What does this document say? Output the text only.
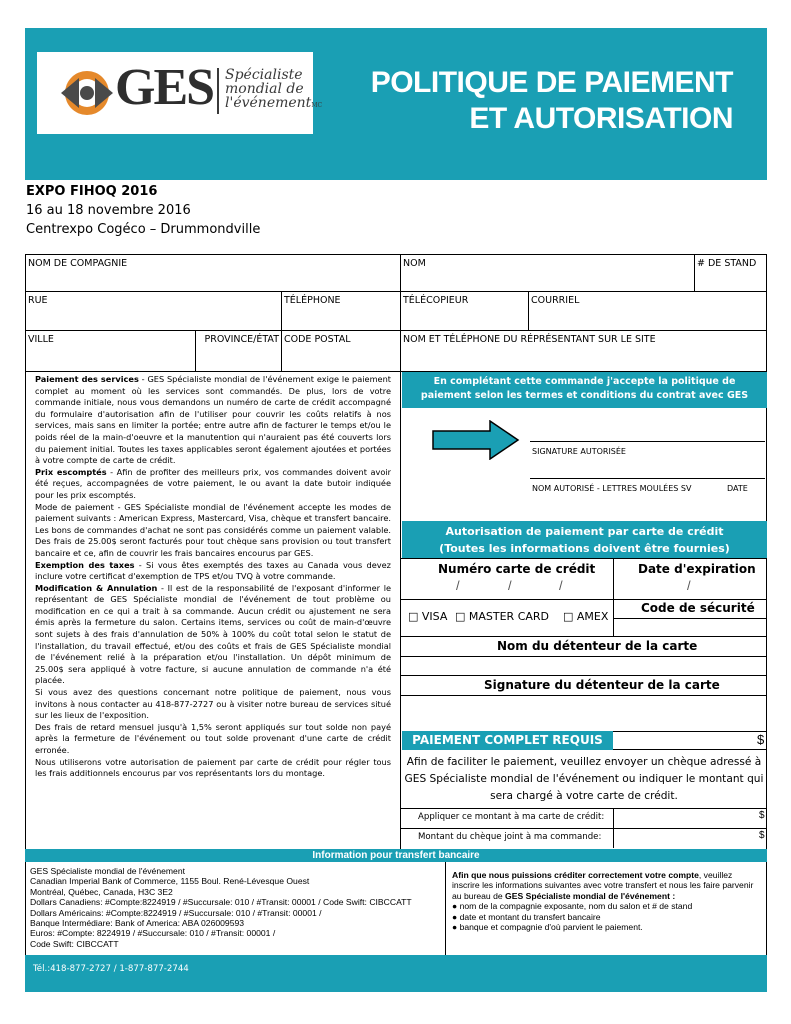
GES Spécialiste
mondial de
l'événementMC
POLITIQUE DE PAIEMENT
ET AUTORISATION
EXPO FIHOQ 2016
16 au 18 novembre 2016
Centrexpo Cogéco – Drummondville
NOM DE COMPAGNIE	NOM	# DE STAND
RUE	TÉLÉPHONE	TÉLÉCOPIEUR	COURRIEL
VILLE	PROVINCE/ÉTAT CODE POSTAL	NOM ET TÉLÉPHONE DU RÉPRÉSENTANT SUR LE SITE

Paiement des services - GES Spécialiste mondial de l'événement exige le paiement complet au moment où les services sont commandés. De plus, lors de votre commande initiale, nous vous demandons un numéro de carte de crédit accompagné du formulaire d'autorisation afin de l'utiliser pour couvrir les coûts relatifs à nos services, mais sans en limiter la portée; entre autre afin de facturer le temps et/ou le poids réel de la main-d'oeuvre et la manutention qui n'auraient pas été couverts lors du paiement initial. Toutes les taxes applicables seront également ajoutées et portées à votre compte de carte de crédit.

Prix escomptés - Afin de profiter des meilleurs prix, vos commandes doivent avoir été reçues, accompagnées de votre paiement, le ou avant la date butoir indiquée pour les prix escomptés.

Mode de paiement - GES Spécialiste mondial de l'événement accepte les modes de paiement suivants : American Express, Mastercard, Visa, chèque et transfert bancaire. Les bons de commandes d'achat ne sont pas considérés comme un paiement valable. Des frais de 25.00$ seront facturés pour tout chèque sans provision ou tout transfert bancaire et ce, afin de couvrir les frais bancaires encourus par GES.

Exemption des taxes - Si vous êtes exemptés des taxes au Canada vous devez inclure votre certificat d'exemption de TPS et/ou TVQ à votre commande.

Modification & Annulation - Il est de la responsabilité de l'exposant d'informer le représentant de GES Spécialiste mondial de l'événement de tout problème ou modification en ce qui a trait à sa commande. Aucun crédit ou ajustement ne sera émis après la fermeture du salon. Certains items, services ou coût de main-d'œuvre sont sujets à des frais d'annulation de 50% à 100% du coût total selon le statut de l'installation, du travail effectué, et/ou des coûts et frais de GES Spécialiste mondial de l'événement relié à la préparation et/ou l'installation. Un dépôt minimum de 25.00$ sera appliqué à votre facture, si aucune annulation de commande n'a été placée.

Si vous avez des questions concernant notre politique de paiement, nous vous invitons à nous contacter au 418-877-2727 ou à visiter notre bureau de services situé sur les lieux de l'exposition.

Des frais de retard mensuel jusqu'à 1,5% seront appliqués sur tout solde non payé après la fermeture de l'événement ou tout solde provenant d'une carte de crédit erronée.

Nous utiliserons votre autorisation de paiement par carte de crédit pour régler tous les frais additionnels encourus par vos représentants lors du montage.

En complétant cette commande j'accepte la politique de paiement selon les termes et conditions du contrat avec GES
SIGNATURE AUTORISÉE
NOM AUTORISÉ - LETTRES MOULÉES SV	DATE
Autorisation de paiement par carte de crédit
(Toutes les informations doivent être fournies)
Numéro carte de crédit	Date d'expiration
/	/	/	/
□ VISA □ MASTER CARD □ AMEX
Code de sécurité
Nom du détenteur de la carte
Signature du détenteur de la carte
PAIEMENT COMPLET REQUIS	$
Afin de faciliter le paiement, veuillez envoyer un chèque adressé à GES Spécialiste mondial de l'événement ou indiquer le montant qui sera chargé à votre carte de crédit.
Appliquer ce montant à ma carte de crédit:	$
Montant du chèque joint à ma commande:	$
Information pour transfert bancaire
GES Spécialiste mondial de l'événement
Canadian Imperial Bank of Commerce, 1155 Boul. René-Lévesque Ouest
Montréal, Québec, Canada, H3C 3E2
Dollars Canadiens: #Compte:8224919 / #Succursale: 010 / #Transit: 00001 / Code Swift: CIBCCATT
Dollars Américains: #Compte:8224919 / #Succursale: 010 / #Transit: 00001 /
Banque Intermédiare: Bank of America: ABA 026009593
Euros: #Compte: 8224919 / #Succursale: 010 / #Transit: 00001 /
Code Swift: CIBCCATT
Afin que nous puissions créditer correctement votre compte, veuillez inscrire les informations suivantes avec votre transfert et nous les faire parvenir au bureau de GES Spécialiste mondial de l'événement :
● nom de la compagnie exposante, nom du salon et # de stand
● date et montant du transfert bancaire
● banque et compagnie d'où parvient le paiement.
Tél.:418-877-2727 / 1-877-877-2744
